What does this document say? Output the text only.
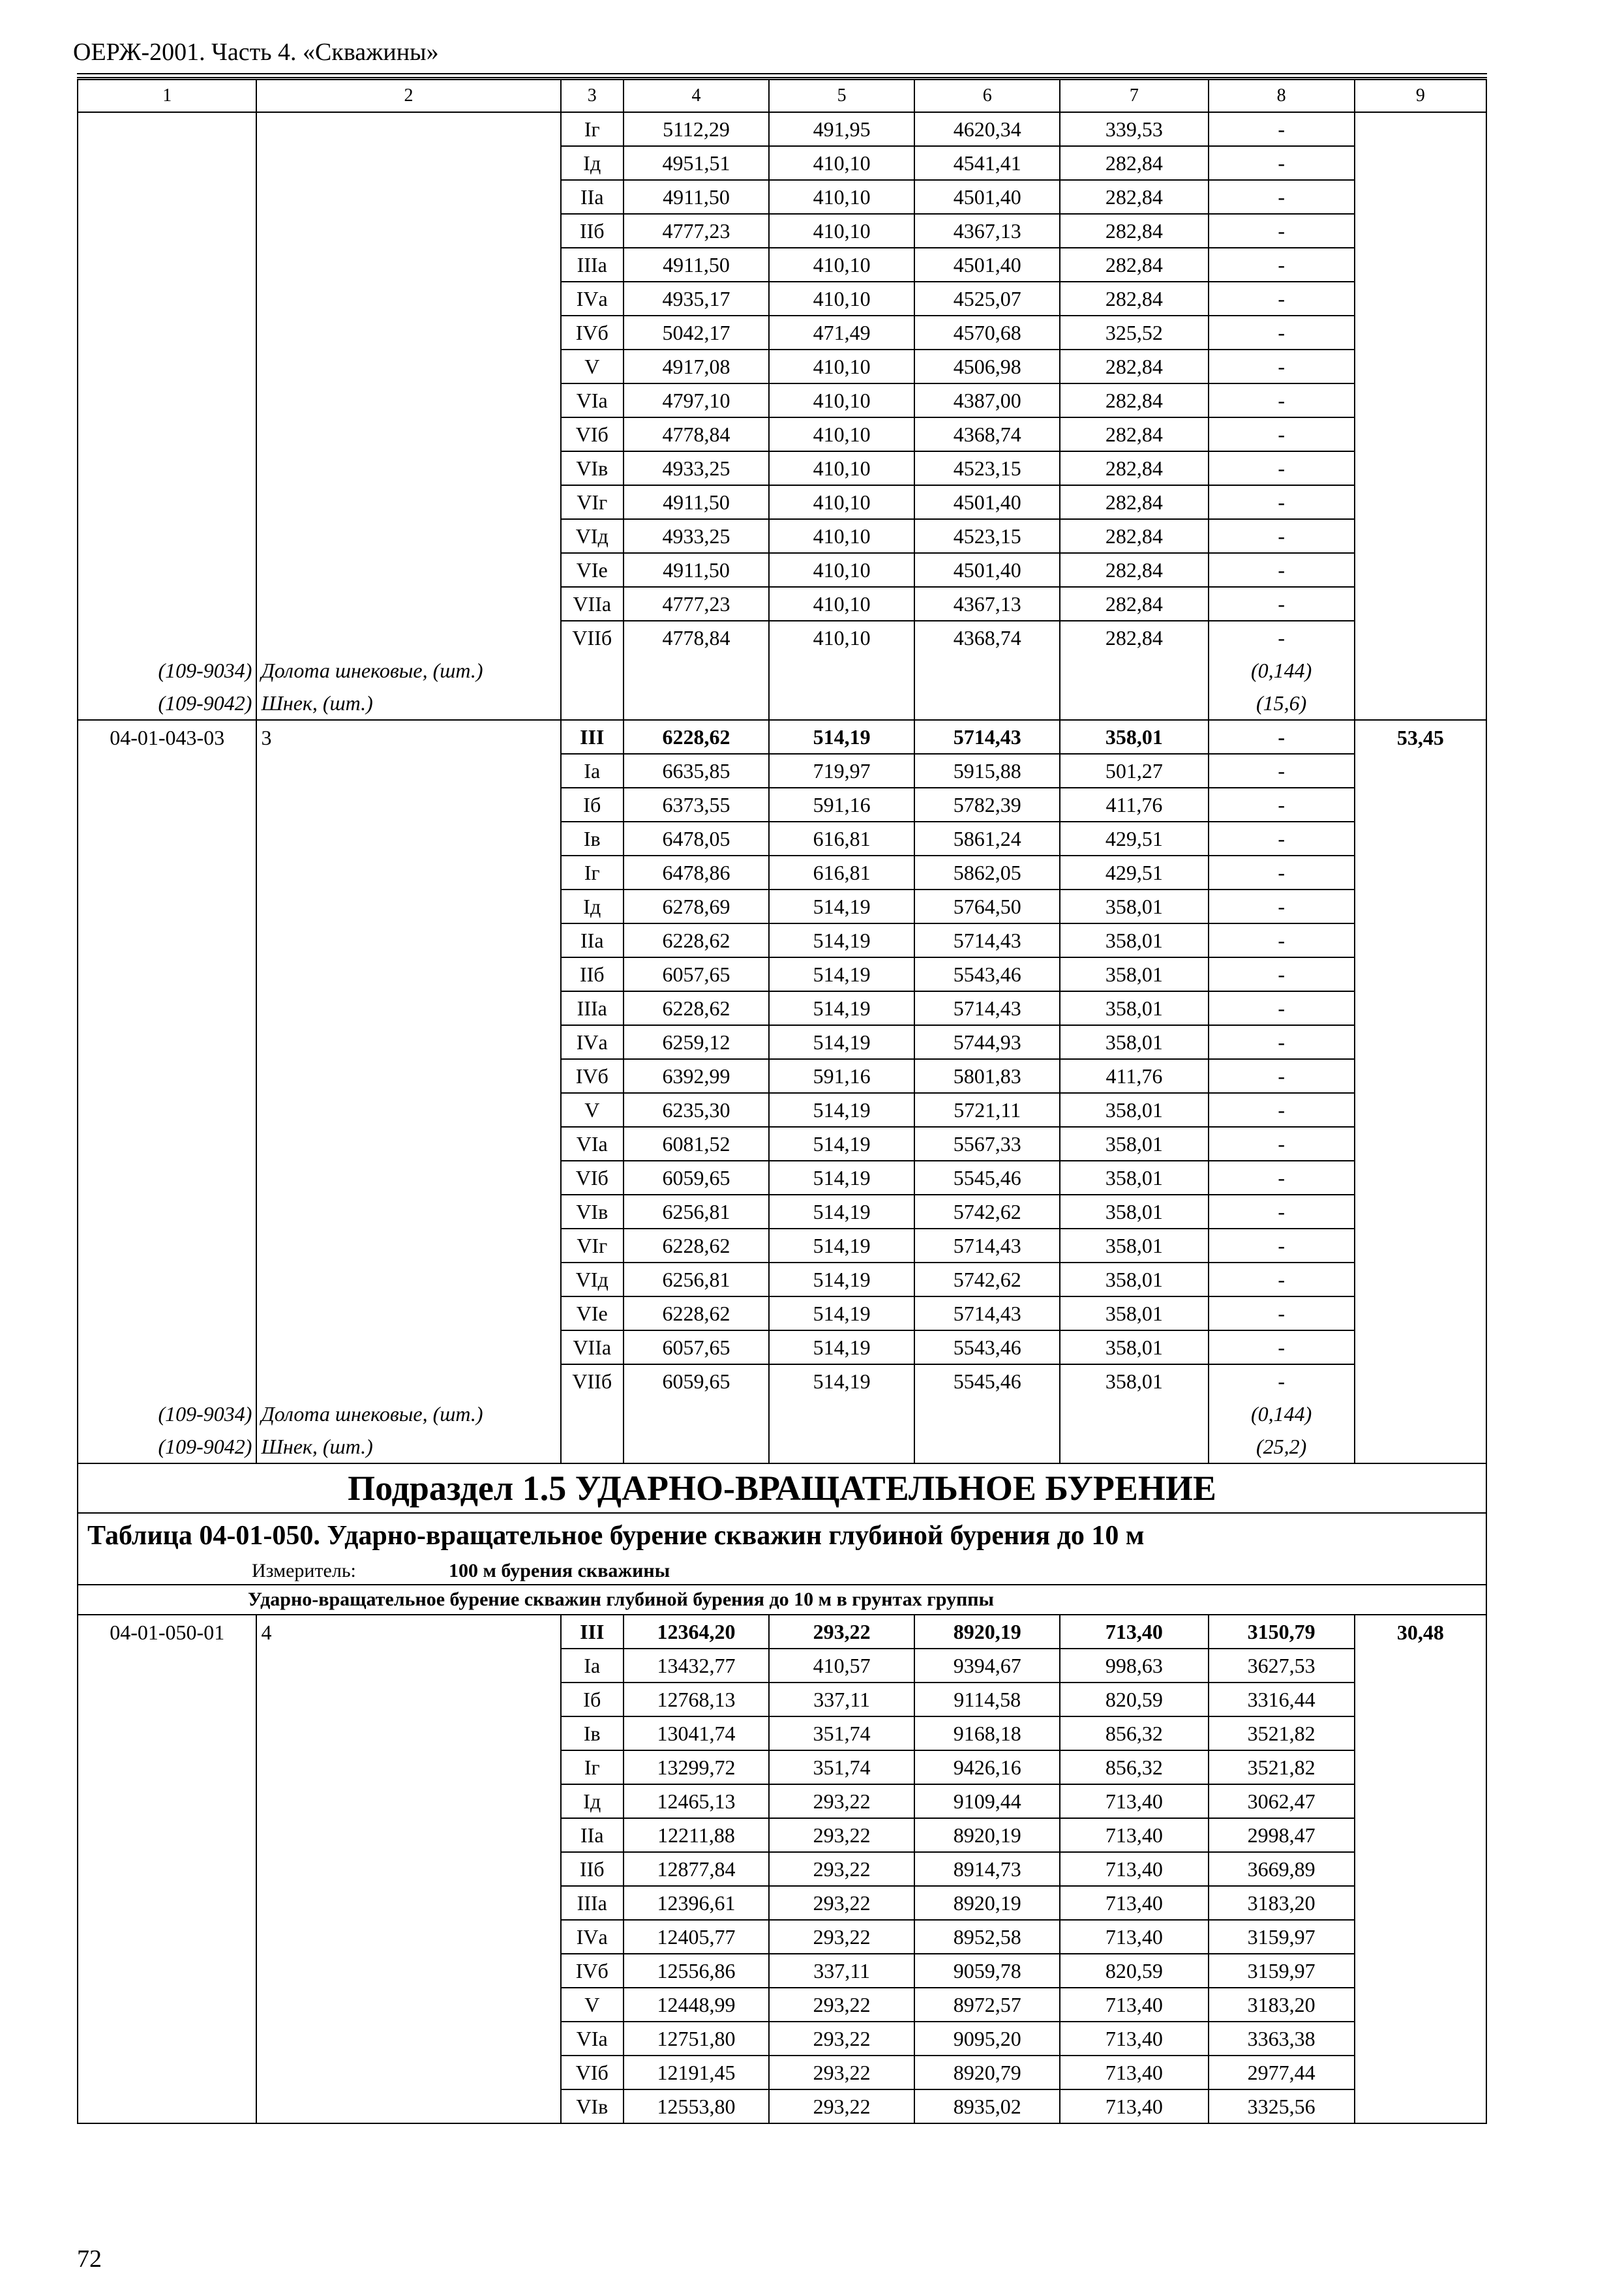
ОЕРЖ-2001. Часть 4. «Скважины»
1	2	3	4	5	6	7	8	9
		Iг	5112,29	491,95	4620,34	339,53	-	
		Iд	4951,51	410,10	4541,41	282,84	-	
		IIа	4911,50	410,10	4501,40	282,84	-	
		IIб	4777,23	410,10	4367,13	282,84	-	
		IIIа	4911,50	410,10	4501,40	282,84	-	
		IVа	4935,17	410,10	4525,07	282,84	-	
		IVб	5042,17	471,49	4570,68	325,52	-	
		V	4917,08	410,10	4506,98	282,84	-	
		VIа	4797,10	410,10	4387,00	282,84	-	
		VIб	4778,84	410,10	4368,74	282,84	-	
		VIв	4933,25	410,10	4523,15	282,84	-	
		VIг	4911,50	410,10	4501,40	282,84	-	
		VIд	4933,25	410,10	4523,15	282,84	-	
		VIе	4911,50	410,10	4501,40	282,84	-	
		VIIа	4777,23	410,10	4367,13	282,84	-	
		VIIб	4778,84	410,10	4368,74	282,84	-	
(109-9034)	Долота шнековые, (шт.)						(0,144)	
(109-9042)	Шнек, (шт.)						(15,6)	
04-01-043-03	3	III	6228,62	514,19	5714,43	358,01	-	53,45
		Iа	6635,85	719,97	5915,88	501,27	-	
		Iб	6373,55	591,16	5782,39	411,76	-	
		Iв	6478,05	616,81	5861,24	429,51	-	
		Iг	6478,86	616,81	5862,05	429,51	-	
		Iд	6278,69	514,19	5764,50	358,01	-	
		IIа	6228,62	514,19	5714,43	358,01	-	
		IIб	6057,65	514,19	5543,46	358,01	-	
		IIIа	6228,62	514,19	5714,43	358,01	-	
		IVа	6259,12	514,19	5744,93	358,01	-	
		IVб	6392,99	591,16	5801,83	411,76	-	
		V	6235,30	514,19	5721,11	358,01	-	
		VIа	6081,52	514,19	5567,33	358,01	-	
		VIб	6059,65	514,19	5545,46	358,01	-	
		VIв	6256,81	514,19	5742,62	358,01	-	
		VIг	6228,62	514,19	5714,43	358,01	-	
		VIд	6256,81	514,19	5742,62	358,01	-	
		VIе	6228,62	514,19	5714,43	358,01	-	
		VIIа	6057,65	514,19	5543,46	358,01	-	
		VIIб	6059,65	514,19	5545,46	358,01	-	
(109-9034)	Долота шнековые, (шт.)						(0,144)	
(109-9042)	Шнек, (шт.)						(25,2)	
Подраздел 1.5 УДАРНО-ВРАЩАТЕЛЬНОЕ БУРЕНИЕ								
Таблица 04-01-050. Ударно-вращательное бурение скважин глубиной бурения до 10 м								
Измеритель: 100 м бурения скважины								
Ударно-вращательное бурение скважин глубиной бурения до 10 м в грунтах группы								
04-01-050-01	4	III	12364,20	293,22	8920,19	713,40	3150,79	30,48
		Iа	13432,77	410,57	9394,67	998,63	3627,53	
		Iб	12768,13	337,11	9114,58	820,59	3316,44	
		Iв	13041,74	351,74	9168,18	856,32	3521,82	
		Iг	13299,72	351,74	9426,16	856,32	3521,82	
		Iд	12465,13	293,22	9109,44	713,40	3062,47	
		IIа	12211,88	293,22	8920,19	713,40	2998,47	
		IIб	12877,84	293,22	8914,73	713,40	3669,89	
		IIIа	12396,61	293,22	8920,19	713,40	3183,20	
		IVа	12405,77	293,22	8952,58	713,40	3159,97	
		IVб	12556,86	337,11	9059,78	820,59	3159,97	
		V	12448,99	293,22	8972,57	713,40	3183,20	
		VIа	12751,80	293,22	9095,20	713,40	3363,38	
		VIб	12191,45	293,22	8920,79	713,40	2977,44	
		VIв	12553,80	293,22	8935,02	713,40	3325,56	
72
